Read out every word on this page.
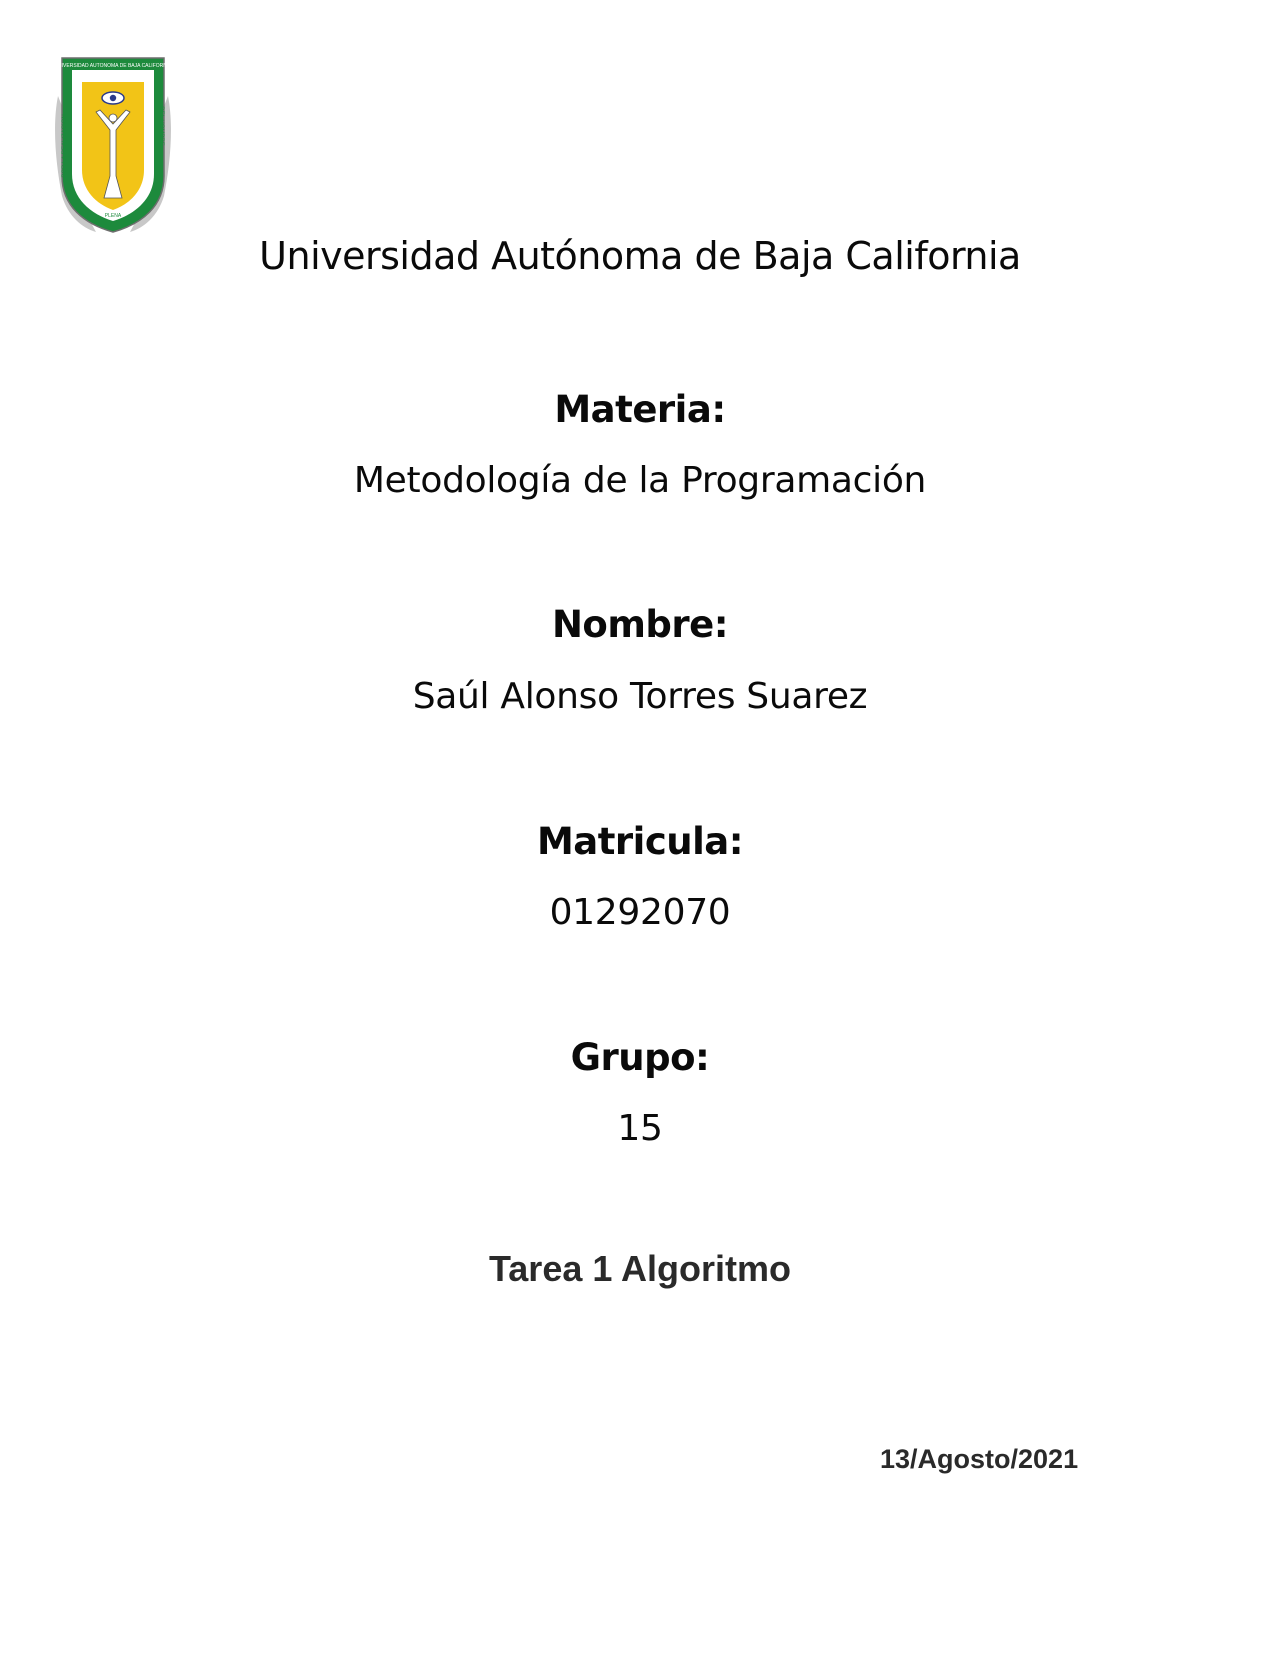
UNIVERSIDAD AUTONOMA DE BAJA CALIFORNIA
POR LA REALIZACION	DEL HOMBRE
PLENA
Universidad Autónoma de Baja California
Materia:
Metodología de la Programación
Nombre:
Saúl Alonso Torres Suarez
Matricula:
01292070
Grupo:
15
Tarea 1 Algoritmo
13/Agosto/2021
